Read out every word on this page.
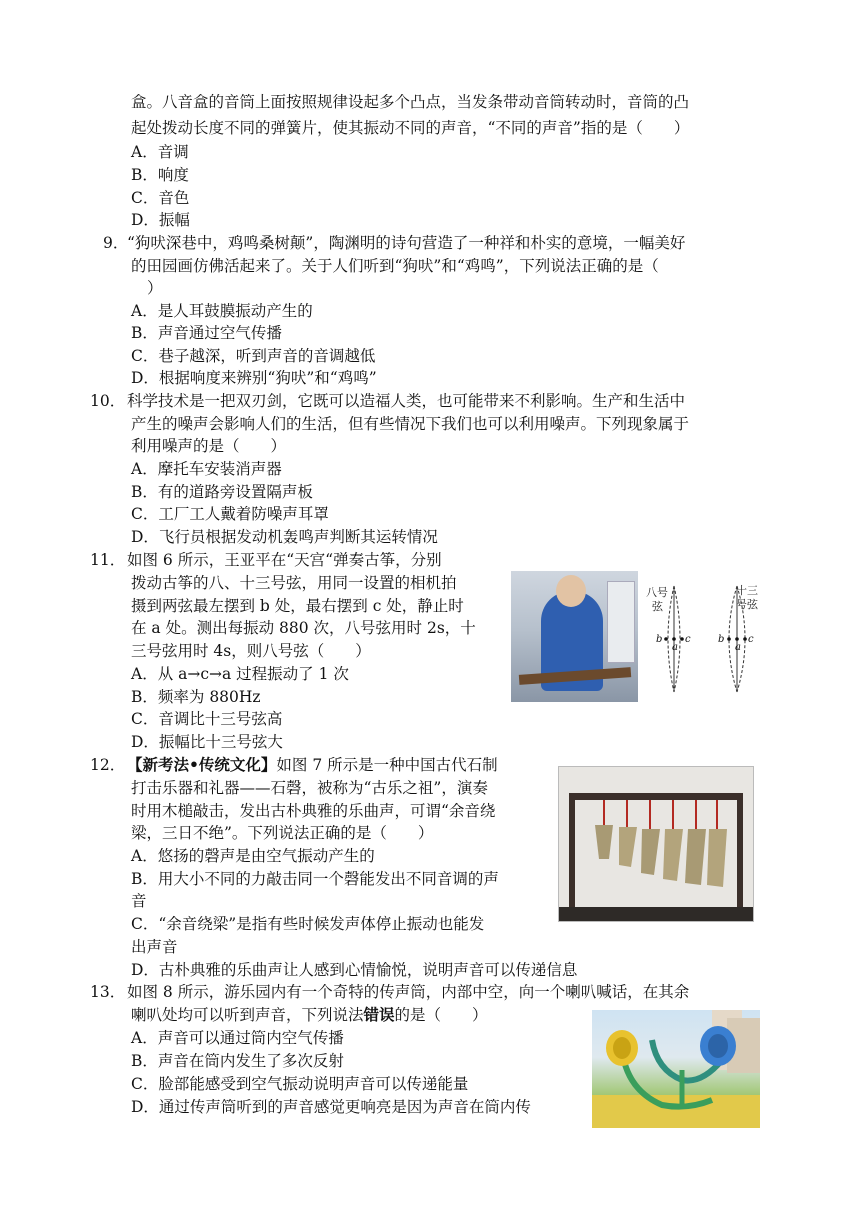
盒。八音盒的音筒上面按照规律设起多个凸点，当发条带动音筒转动时，音筒的凸
起处拨动长度不同的弹簧片，使其振动不同的声音，“不同的声音”指的是（　　）
A．音调
B．响度
C．音色
D．振幅
9．
“狗吠深巷中，鸡鸣桑树颠”，陶渊明的诗句营造了一种祥和朴实的意境，一幅美好
的田园画仿佛活起来了。关于人们听到“狗吠”和“鸡鸣”，下列说法正确的是（
）
A．是人耳鼓膜振动产生的
B．声音通过空气传播
C．巷子越深，听到声音的音调越低
D．根据响度来辨别“狗吠”和“鸡鸣”
10． 科学技术是一把双刃剑，它既可以造福人类，也可能带来不利影响。生产和生活中
产生的噪声会影响人们的生活，但有些情况下我们也可以利用噪声。下列现象属于
利用噪声的是（　　）
A．摩托车安装消声器
B．有的道路旁设置隔声板
C．工厂工人戴着防噪声耳罩
D．飞行员根据发动机轰鸣声判断其运转情况
11． 如图 6 所示，王亚平在“天宫“弹奏古筝，分别
拨动古筝的八、十三号弦，用同一设置的相机拍
摄到两弦最左摆到 b 处，最右摆到 c 处，静止时
在 a 处。测出每振动 880 次，八号弦用时 2s，十
三号弦用时 4s，则八号弦（　　）
A．从 a→c→a 过程振动了 1 次
B．频率为 880Hz
C．音调比十三号弦高
D．振幅比十三号弦大
八号
弦
b
a
c
十三
号弦
b
a
c
12． 【新考法•传统文化】如图 7 所示是一种中国古代石制
打击乐器和礼器——石磬，被称为“古乐之祖”，演奏
时用木槌敲击，发出古朴典雅的乐曲声，可谓“余音绕
梁，三日不绝”。下列说法正确的是（　　）
A．悠扬的磬声是由空气振动产生的
B．用大小不同的力敲击同一个磬能发出不同音调的声
音
C．“余音绕梁”是指有些时候发声体停止振动也能发
出声音
D．古朴典雅的乐曲声让人感到心情愉悦，说明声音可以传递信息
13． 如图 8 所示，游乐园内有一个奇特的传声筒，内部中空，向一个喇叭喊话，在其余
喇叭处均可以听到声音，下列说法错误的是（　　）
A．声音可以通过筒内空气传播
B．声音在筒内发生了多次反射
C．脸部能感受到空气振动说明声音可以传递能量
D．通过传声筒听到的声音感觉更响亮是因为声音在筒内传
